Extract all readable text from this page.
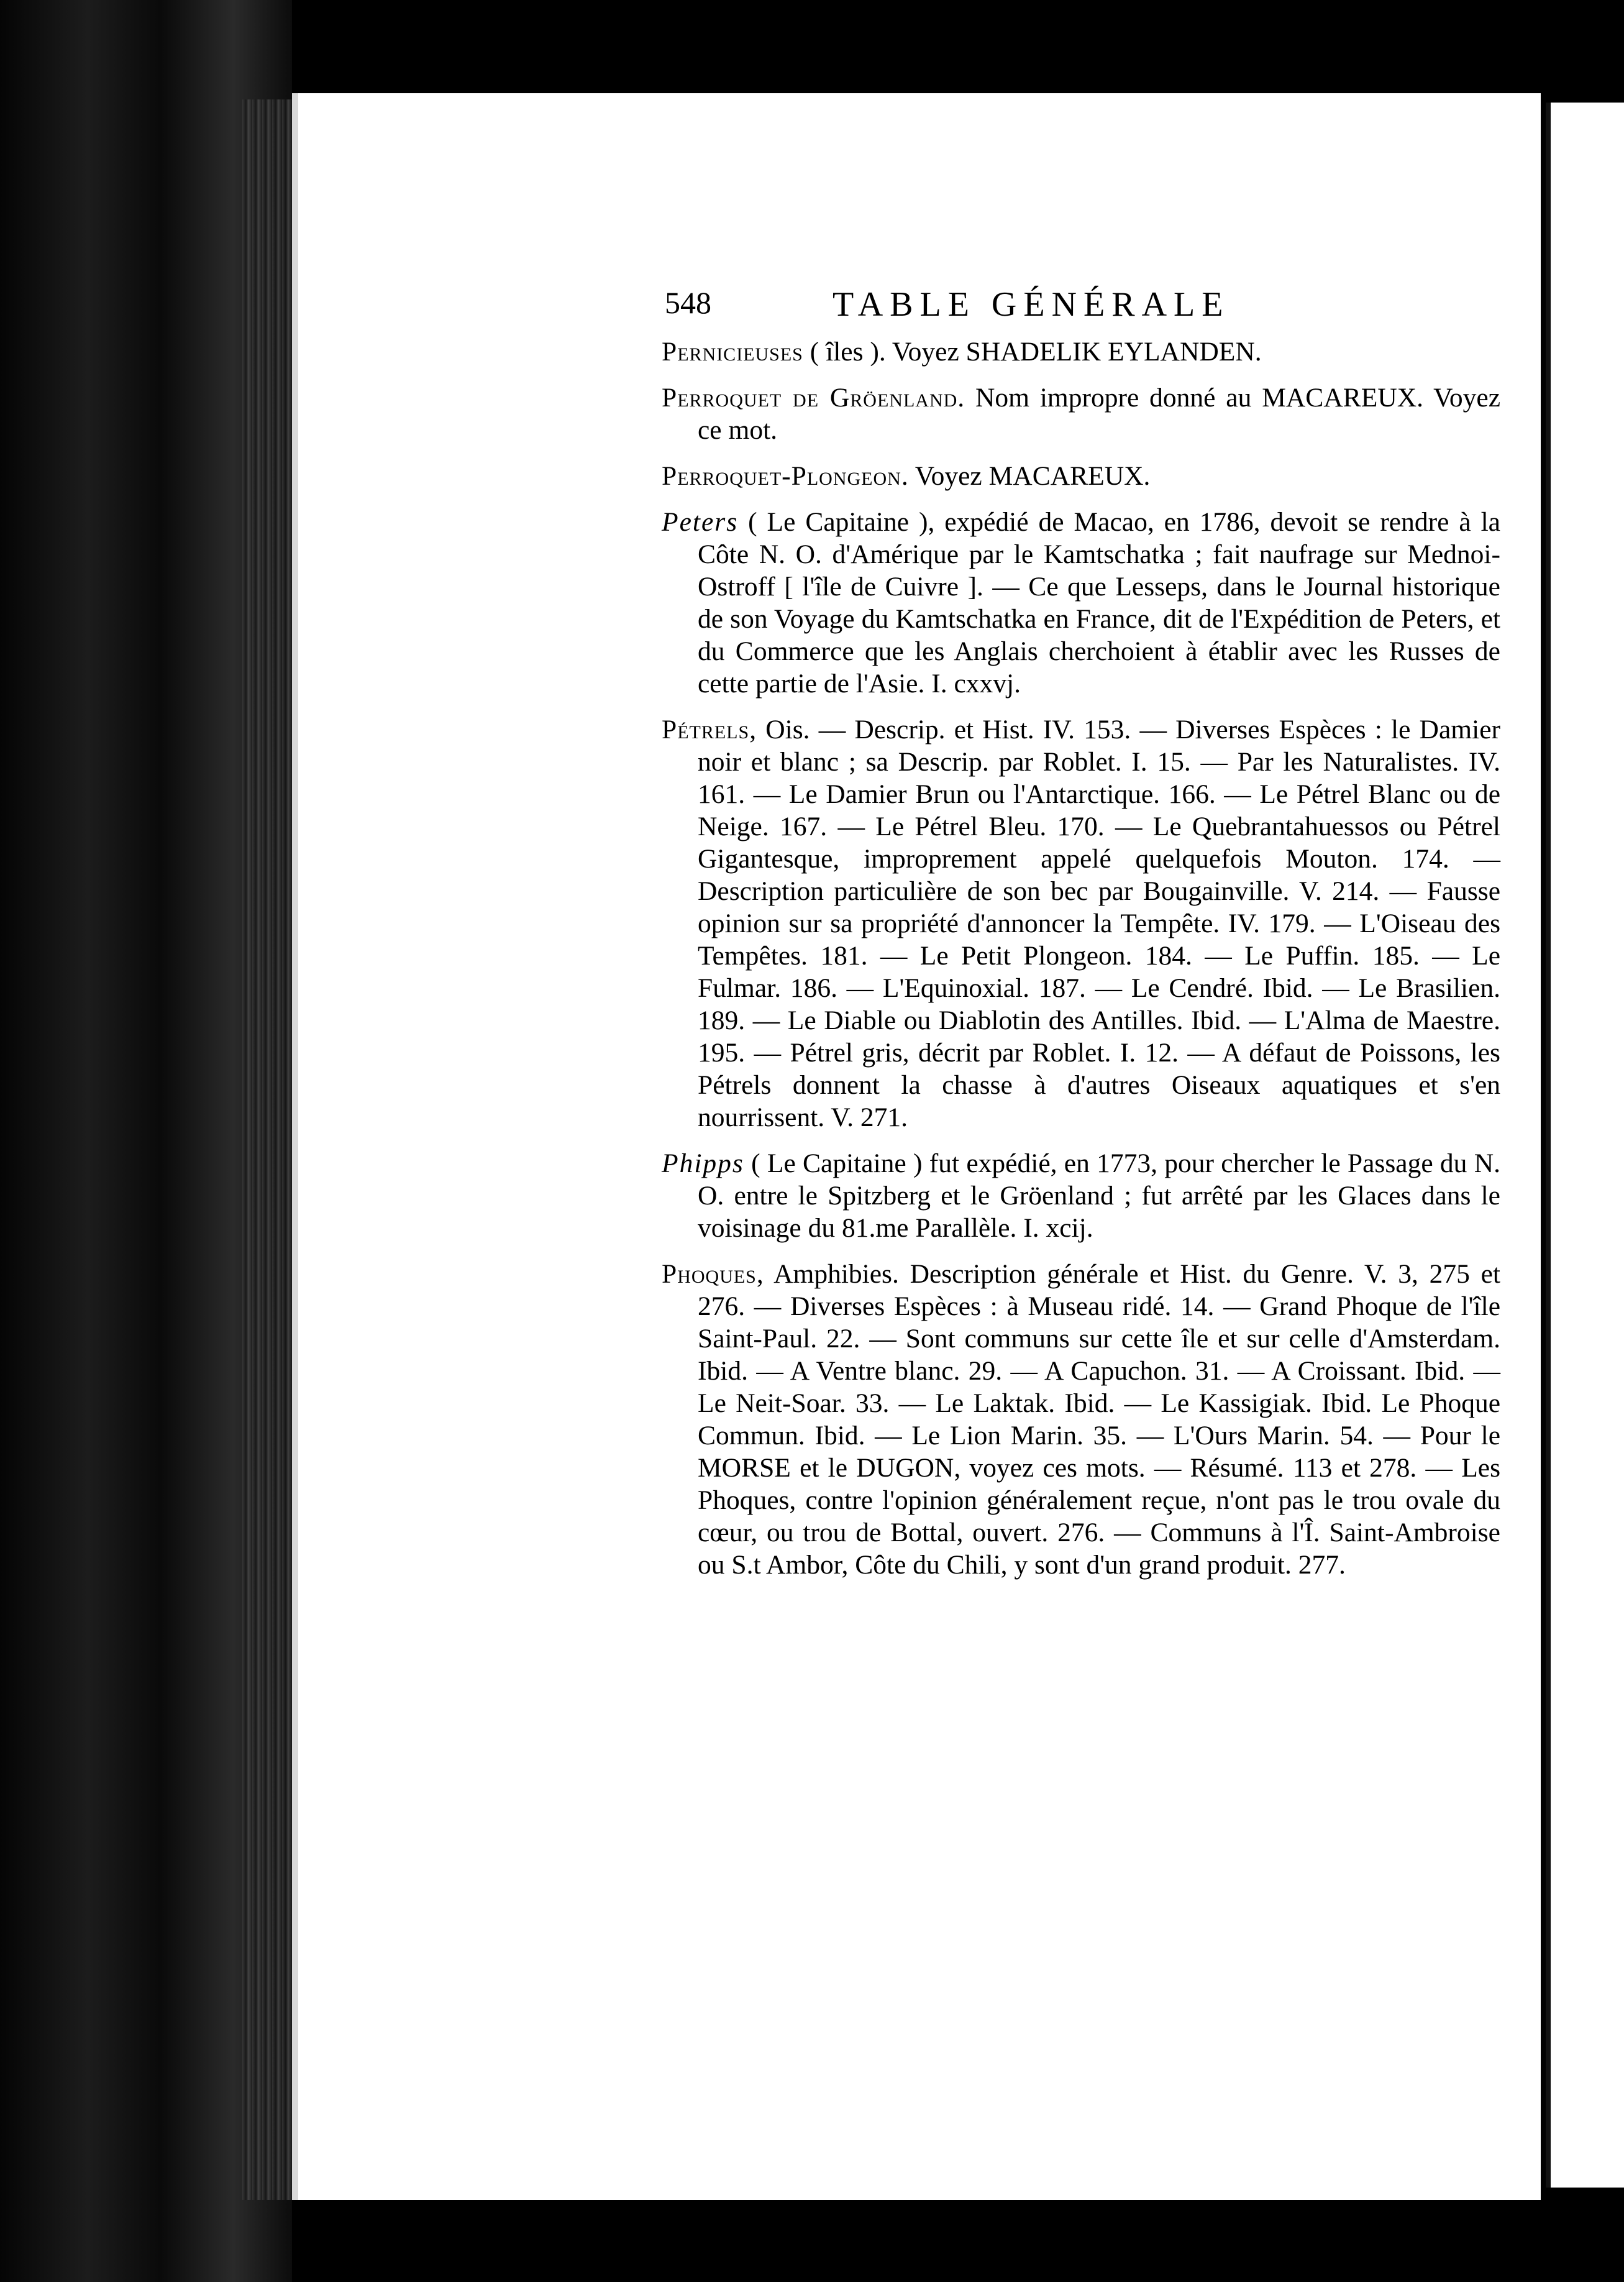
548	TABLE GÉNÉRALE

Pernicieuses ( îles ). Voyez SHADELIK EYLANDEN.

Perroquet de Gröenland. Nom impropre donné au MACAREUX. Voyez ce mot.

Perroquet-Plongeon. Voyez MACAREUX.

Peters ( Le Capitaine ), expédié de Macao, en 1786, devoit se rendre à la Côte N. O. d'Amérique par le Kamtschatka ; fait naufrage sur Mednoi-Ostroff [ l'île de Cuivre ]. — Ce que Lesseps, dans le Journal historique de son Voyage du Kamtschatka en France, dit de l'Expédition de Peters, et du Commerce que les Anglais cherchoient à établir avec les Russes de cette partie de l'Asie. I. cxxvj.

Pétrels, Ois. — Descrip. et Hist. IV. 153. — Diverses Espèces : le Damier noir et blanc ; sa Descrip. par Roblet. I. 15. — Par les Naturalistes. IV. 161. — Le Damier Brun ou l'Antarctique. 166. — Le Pétrel Blanc ou de Neige. 167. — Le Pétrel Bleu. 170. — Le Quebrantahuessos ou Pétrel Gigantesque, improprement appelé quelquefois Mouton. 174. — Description particulière de son bec par Bougainville. V. 214. — Fausse opinion sur sa propriété d'annoncer la Tempête. IV. 179. — L'Oiseau des Tempêtes. 181. — Le Petit Plongeon. 184. — Le Puffin. 185. — Le Fulmar. 186. — L'Equinoxial. 187. — Le Cendré. Ibid. — Le Brasilien. 189. — Le Diable ou Diablotin des Antilles. Ibid. — L'Alma de Maestre. 195. — Pétrel gris, décrit par Roblet. I. 12. — A défaut de Poissons, les Pétrels donnent la chasse à d'autres Oiseaux aquatiques et s'en nourrissent. V. 271.

Phipps ( Le Capitaine ) fut expédié, en 1773, pour chercher le Passage du N. O. entre le Spitzberg et le Gröenland ; fut arrêté par les Glaces dans le voisinage du 81.me Parallèle. I. xcij.

Phoques, Amphibies. Description générale et Hist. du Genre. V. 3, 275 et 276. — Diverses Espèces : à Museau ridé. 14. — Grand Phoque de l'île Saint-Paul. 22. — Sont communs sur cette île et sur celle d'Amsterdam. Ibid. — A Ventre blanc. 29. — A Capuchon. 31. — A Croissant. Ibid. — Le Neit-Soar. 33. — Le Laktak. Ibid. — Le Kassigiak. Ibid. Le Phoque Commun. Ibid. — Le Lion Marin. 35. — L'Ours Marin. 54. — Pour le MORSE et le DUGON, voyez ces mots. — Résumé. 113 et 278. — Les Phoques, contre l'opinion généralement reçue, n'ont pas le trou ovale du cœur, ou trou de Bottal, ouvert. 276. — Communs à l'Î. Saint-Ambroise ou S.t Ambor, Côte du Chili, y sont d'un grand produit. 277.
